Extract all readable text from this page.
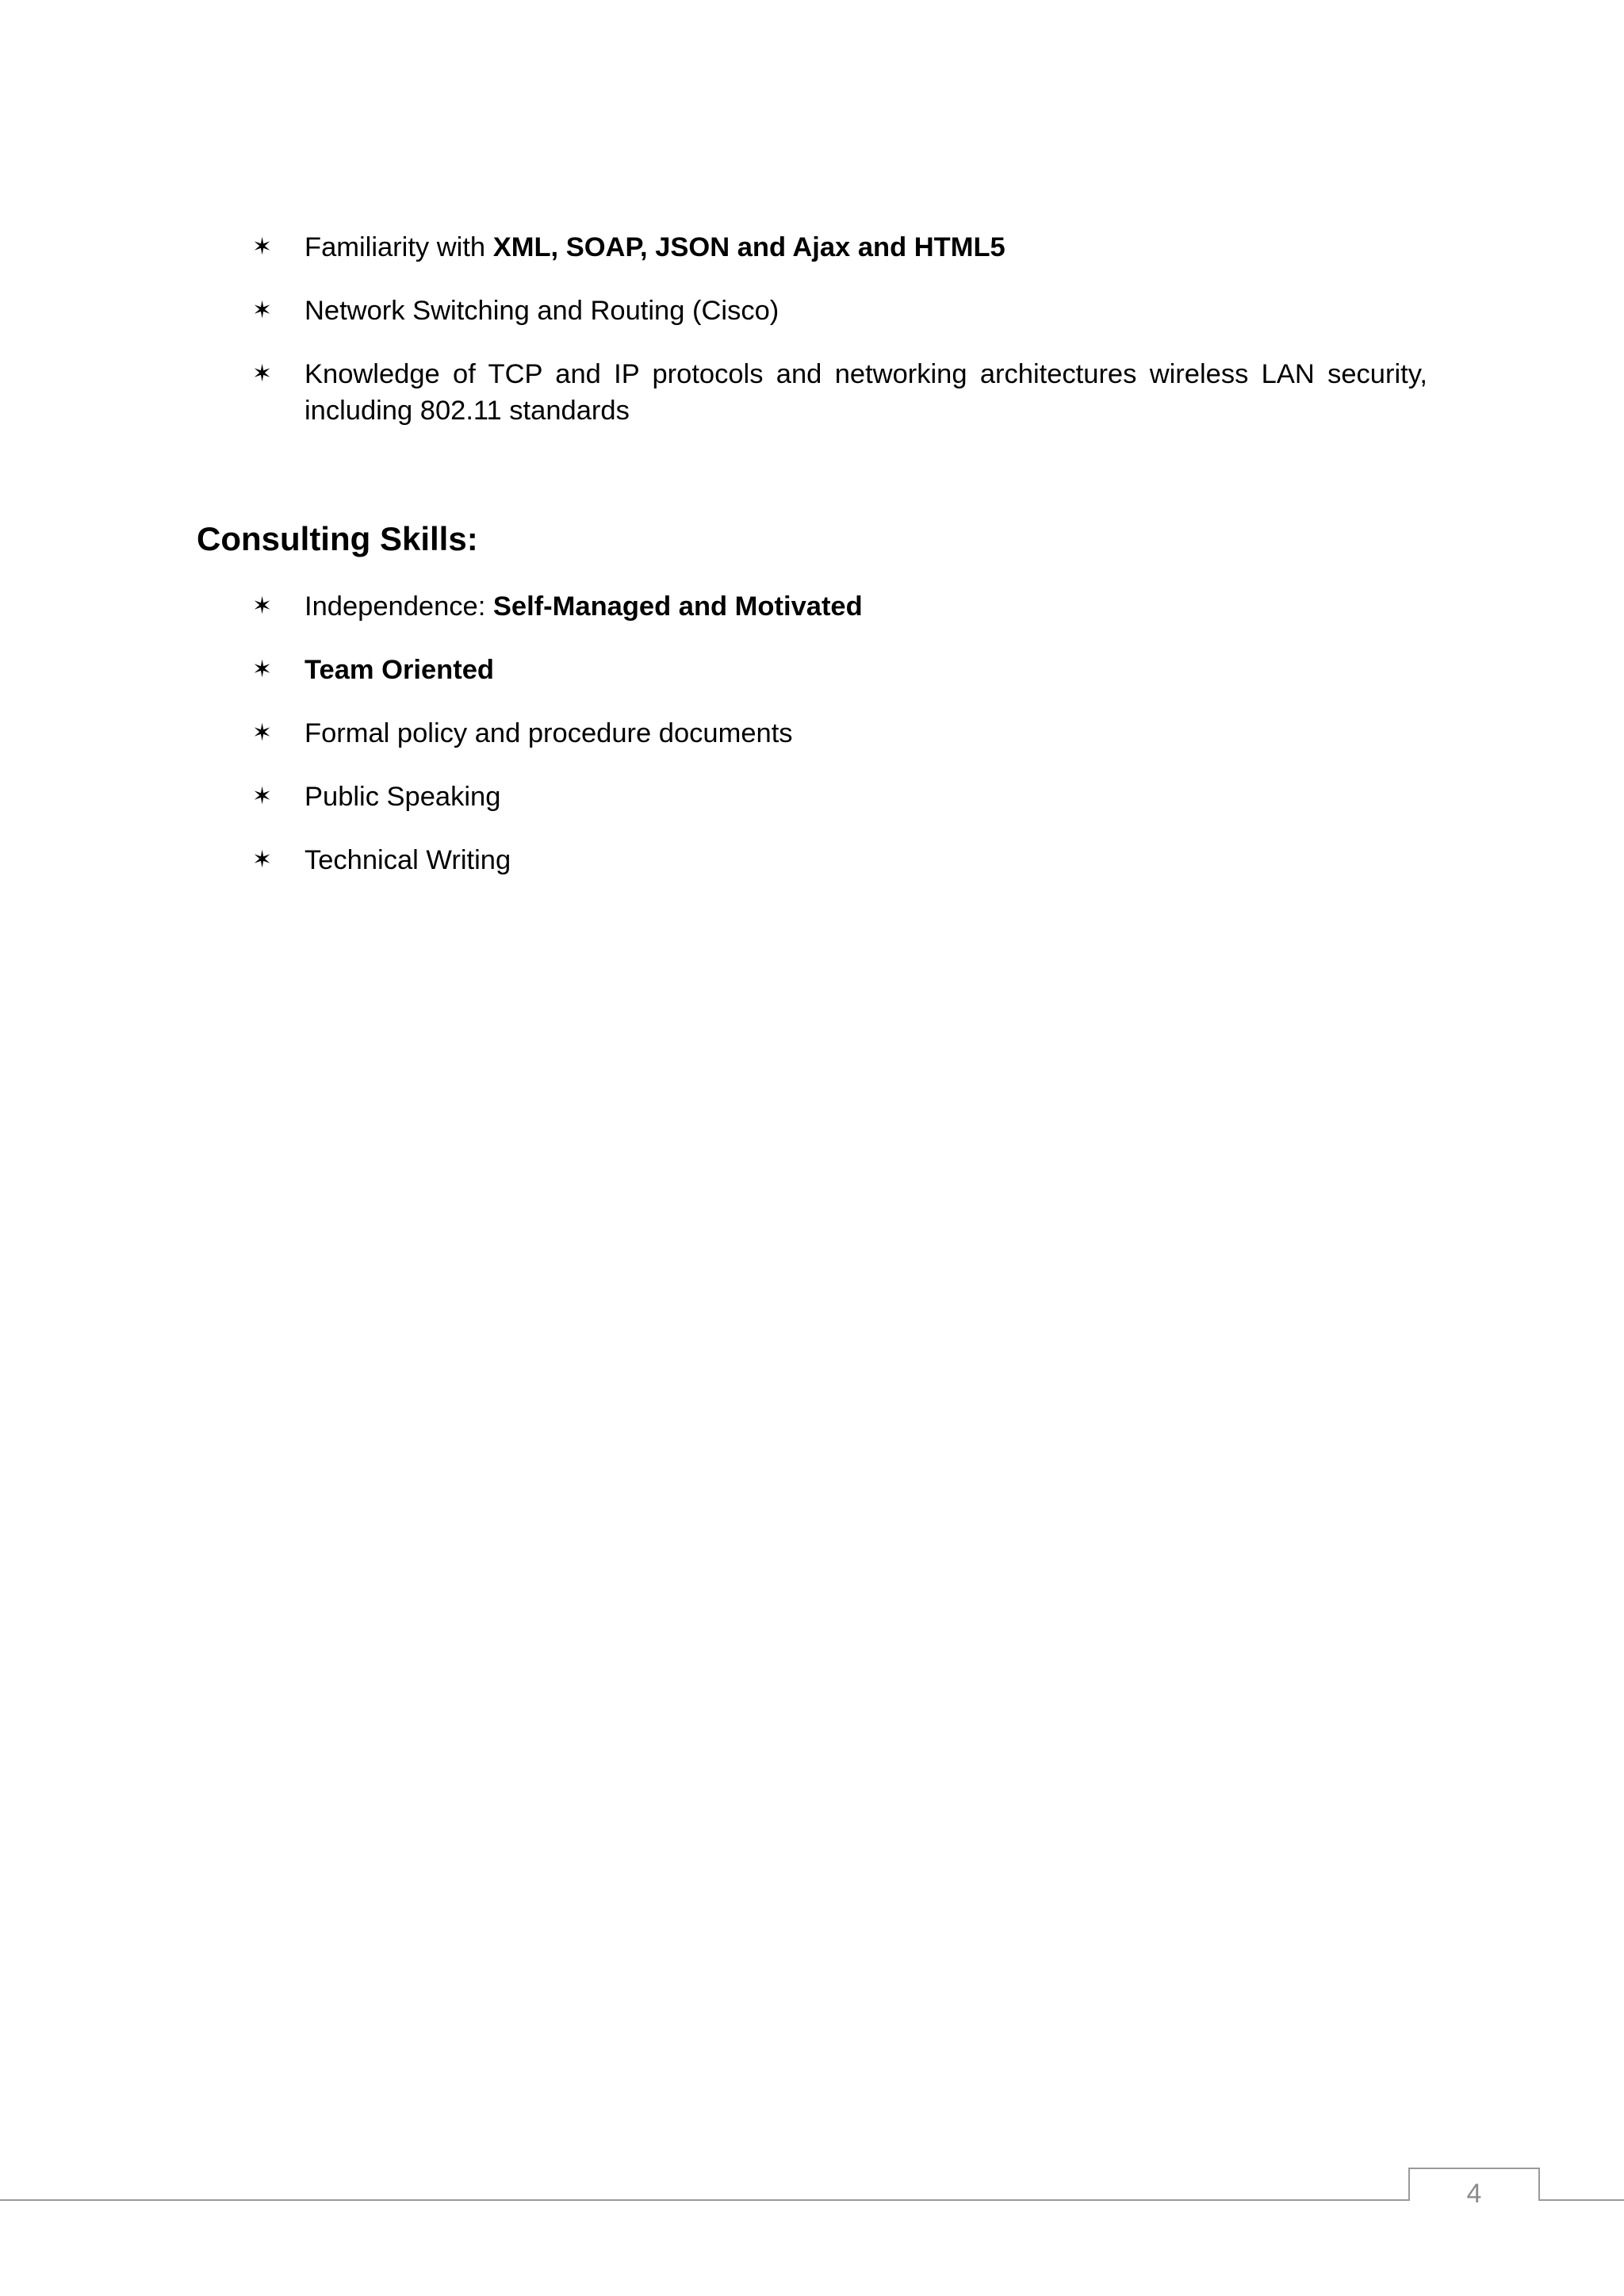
✶ Familiarity with XML, SOAP, JSON and Ajax and HTML5
✶ Network Switching and Routing (Cisco)
✶ Knowledge of TCP and IP protocols and networking architectures wireless LAN security, including 802.11 standards
Consulting Skills:
✶ Independence: Self-Managed and Motivated
✶ Team Oriented
✶ Formal policy and procedure documents
✶ Public Speaking
✶ Technical Writing
4
